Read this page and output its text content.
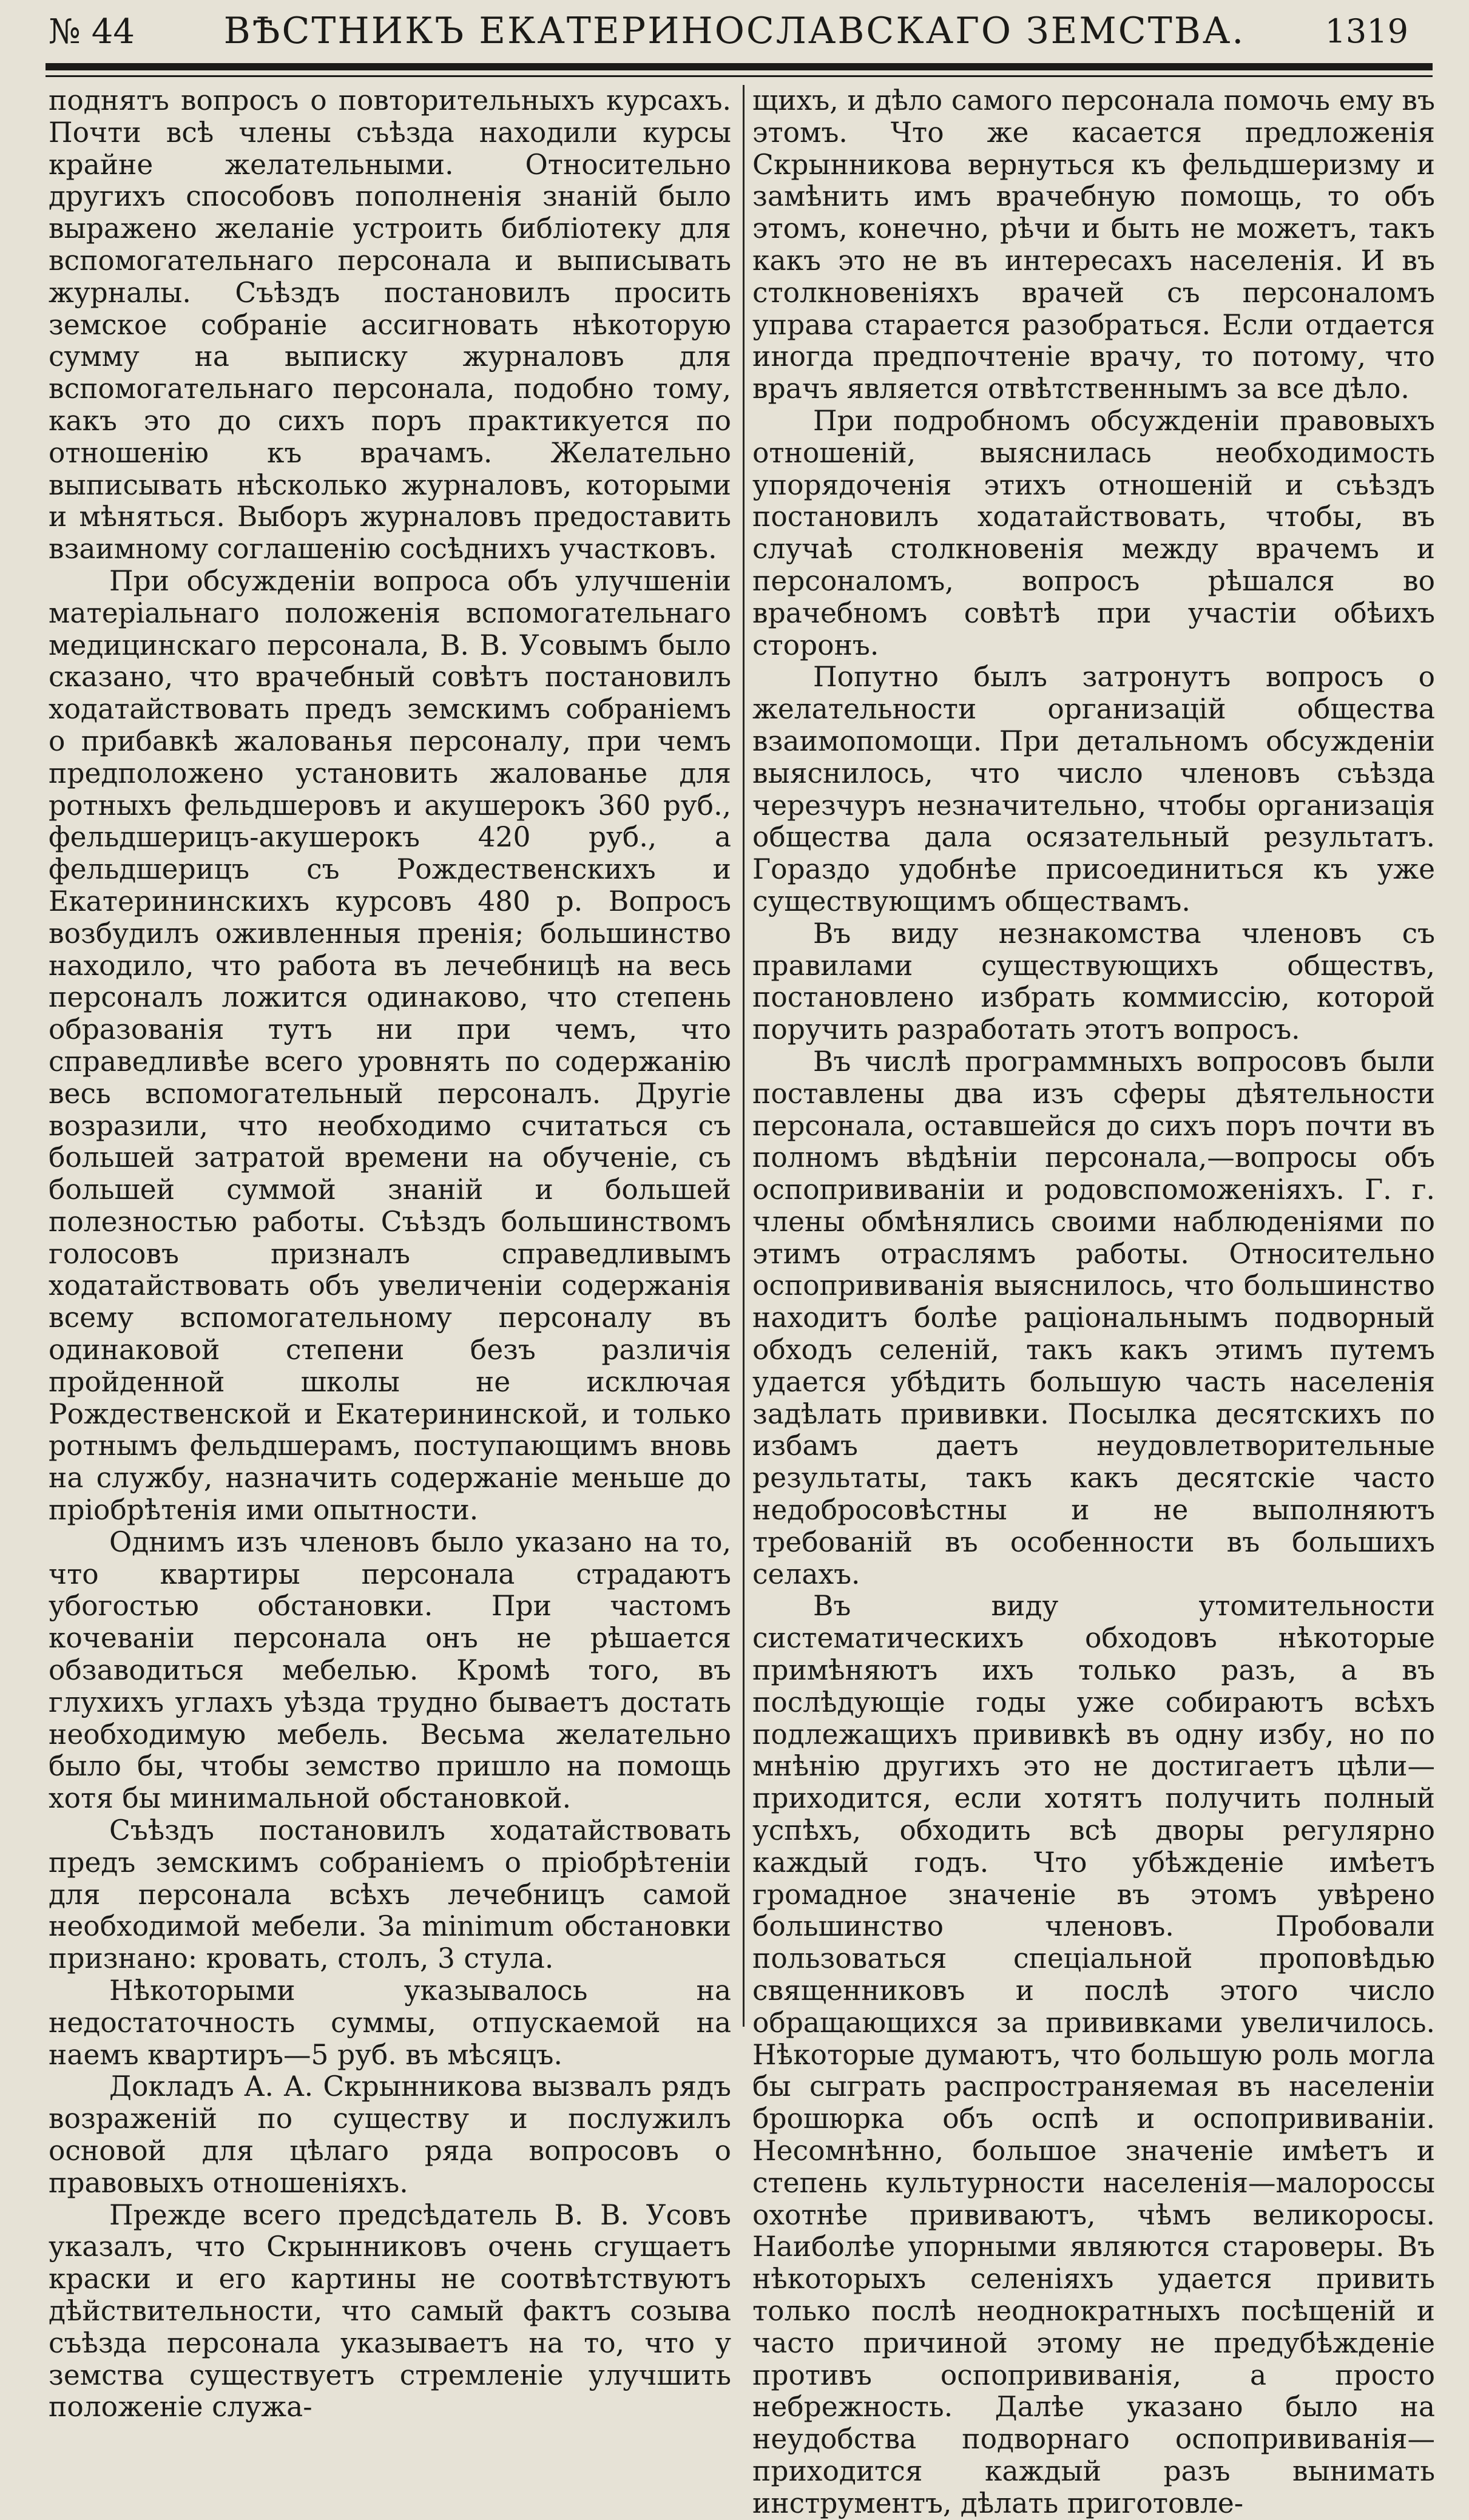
№ 44	ВѢСТНИКЪ ЕКАТЕРИНОСЛАВСКАГО ЗЕМСТВА.	1319

поднятъ вопросъ о повторительныхъ курсахъ. Почти всѣ члены съѣзда находили курсы крайне желательными. Относительно другихъ способовъ пополненія знаній было выражено желаніе устроить библіотеку для вспомогательнаго персонала и выписывать журналы. Съѣздъ постановилъ просить земское собраніе ассигновать нѣкоторую сумму на выписку журналовъ для вспомогательнаго персонала, подобно тому, какъ это до сихъ поръ практикуется по отношенію къ врачамъ. Желательно выписывать нѣсколько журналовъ, которыми и мѣняться. Выборъ журналовъ предоставить взаимному соглашенію сосѣднихъ участковъ.

При обсужденіи вопроса объ улучшеніи матеріальнаго положенія вспомогательнаго медицинскаго персонала, В. В. Усовымъ было сказано, что врачебный совѣтъ постановилъ ходатайствовать предъ земскимъ собраніемъ о прибавкѣ жалованья персоналу, при чемъ предположено установить жалованье для ротныхъ фельдшеровъ и акушерокъ 360 руб., фельдшерицъ-акушерокъ 420 руб., а фельдшерицъ съ Рождественскихъ и Екатерининскихъ курсовъ 480 р. Вопросъ возбудилъ оживленныя пренія; большинство находило, что работа въ лечебницѣ на весь персоналъ ложится одинаково, что степень образованія тутъ ни при чемъ, что справедливѣе всего уровнять по содержанію весь вспомогательный персоналъ. Другіе возразили, что необходимо считаться съ большей затратой времени на обученіе, съ большей суммой знаній и большей полезностью работы. Съѣздъ большинствомъ голосовъ призналъ справедливымъ ходатайствовать объ увеличеніи содержанія всему вспомогательному персоналу въ одинаковой степени безъ различія пройденной школы не исключая Рождественской и Екатерининской, и только ротнымъ фельдшерамъ, поступающимъ вновь на службу, назначить содержаніе меньше до пріобрѣтенія ими опытности.

Однимъ изъ членовъ было указано на то, что квартиры персонала страдаютъ убогостью обстановки. При частомъ кочеваніи персонала онъ не рѣшается обзаводиться мебелью. Кромѣ того, въ глухихъ углахъ уѣзда трудно бываетъ достать необходимую мебель. Весьма желательно было бы, чтобы земство пришло на помощь хотя бы минимальной обстановкой.

Съѣздъ постановилъ ходатайствовать предъ земскимъ собраніемъ о пріобрѣтеніи для персонала всѣхъ лечебницъ самой необходимой мебели. За minimum обстановки признано: кровать, столъ, 3 стула.

Нѣкоторыми указывалось на недостаточность суммы, отпускаемой на наемъ квартиръ—5 руб. въ мѣсяцъ.

Докладъ А. А. Скрынникова вызвалъ рядъ возраженій по существу и послужилъ основой для цѣлаго ряда вопросовъ о правовыхъ отношеніяхъ.

Прежде всего предсѣдатель В. В. Усовъ указалъ, что Скрынниковъ очень сгущаетъ краски и его картины не соотвѣтствуютъ дѣйствительности, что самый фактъ созыва съѣзда персонала указываетъ на то, что у земства существуетъ стремленіе улучшить положеніе служа-

щихъ, и дѣло самого персонала помочь ему въ этомъ. Что же касается предложенія Скрынникова вернуться къ фельдшеризму и замѣнить имъ врачебную помощь, то объ этомъ, конечно, рѣчи и быть не можетъ, такъ какъ это не въ интересахъ населенія. И въ столкновеніяхъ врачей съ персоналомъ управа старается разобраться. Если отдается иногда предпочтеніе врачу, то потому, что врачъ является отвѣтственнымъ за все дѣло.

При подробномъ обсужденіи правовыхъ отношеній, выяснилась необходимость упорядоченія этихъ отношеній и съѣздъ постановилъ ходатайствовать, чтобы, въ случаѣ столкновенія между врачемъ и персоналомъ, вопросъ рѣшался во врачебномъ совѣтѣ при участіи обѣихъ сторонъ.

Попутно былъ затронутъ вопросъ о желательности организацій общества взаимопомощи. При детальномъ обсужденіи выяснилось, что число членовъ съѣзда черезчуръ незначительно, чтобы организація общества дала осязательный результатъ. Гораздо удобнѣе присоединиться къ уже существующимъ обществамъ.

Въ виду незнакомства членовъ съ правилами существующихъ обществъ, постановлено избрать коммиссію, которой поручить разработать этотъ вопросъ.

Въ числѣ программныхъ вопросовъ были поставлены два изъ сферы дѣятельности персонала, оставшейся до сихъ поръ почти въ полномъ вѣдѣніи персонала,—вопросы объ оспопрививаніи и родовспоможеніяхъ. Г. г. члены обмѣнялись своими наблюденіями по этимъ отраслямъ работы. Относительно оспопрививанія выяснилось, что большинство находитъ болѣе раціональнымъ подворный обходъ селеній, такъ какъ этимъ путемъ удается убѣдить большую часть населенія задѣлать прививки. Посылка десятскихъ по избамъ даетъ неудовлетворительные результаты, такъ какъ десятскіе часто недобросовѣстны и не выполняютъ требованій въ особенности въ большихъ селахъ.

Въ виду утомительности систематическихъ обходовъ нѣкоторые примѣняютъ ихъ только разъ, а въ послѣдующіе годы уже собираютъ всѣхъ подлежащихъ прививкѣ въ одну избу, но по мнѣнію другихъ это не достигаетъ цѣли—приходится, если хотятъ получить полный успѣхъ, обходить всѣ дворы регулярно каждый годъ. Что убѣжденіе имѣетъ громадное значеніе въ этомъ увѣрено большинство членовъ. Пробовали пользоваться спеціальной проповѣдью священниковъ и послѣ этого число обращающихся за прививками увеличилось. Нѣкоторые думаютъ, что большую роль могла бы сыграть распространяемая въ населеніи брошюрка объ оспѣ и оспопрививаніи. Несомнѣнно, большое значеніе имѣетъ и степень культурности населенія—малороссы охотнѣе прививаютъ, чѣмъ великоросы. Наиболѣе упорными являются староверы. Въ нѣкоторыхъ селеніяхъ удается привить только послѣ неоднократныхъ посѣщеній и часто причиной этому не предубѣжденіе противъ оспопрививанія, а просто небрежность. Далѣе указано было на неудобства подворнаго оспопрививанія—приходится каждый разъ вынимать инструментъ, дѣлать приготовле-
